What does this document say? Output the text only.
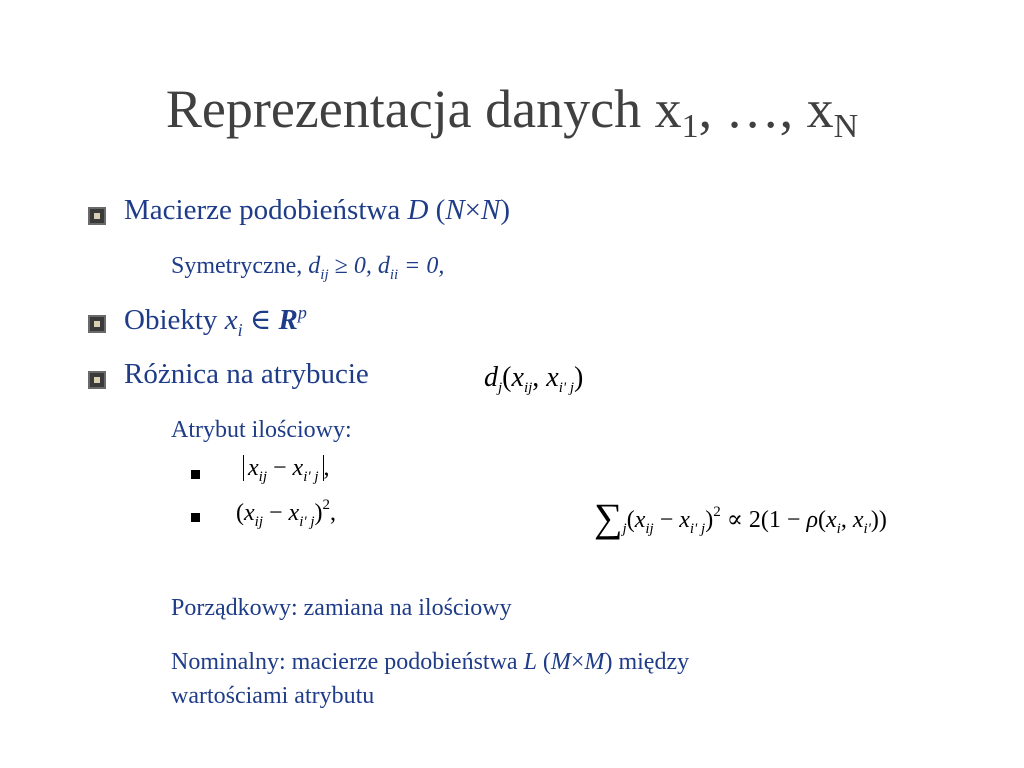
Reprezentacja danych $x_1$, …, $x_N$
Macierze podobieństwa D (N×N)
Symetryczne, $d_{ij} \ge 0$, $d_{ii} = 0$,
Obiekty $x_i$ ∈ $R^p$
Różnica na atrybucie	$d_j(x_{ij}$, $x_{i' j}$)
Atrybut ilościowy:
$x_{ij} - x_{i' j}$ ,
$(x_{ij} - x_{i' j})^2$,	$\sum_j(x_{ij} - x_{i' j})^2 \propto 2(1 - \rho(x_i$, $x_{i'}$))
Porządkowy: zamiana na ilościowy
Nominalny: macierze podobieństwa L (M×M) między
wartościami atrybutu
